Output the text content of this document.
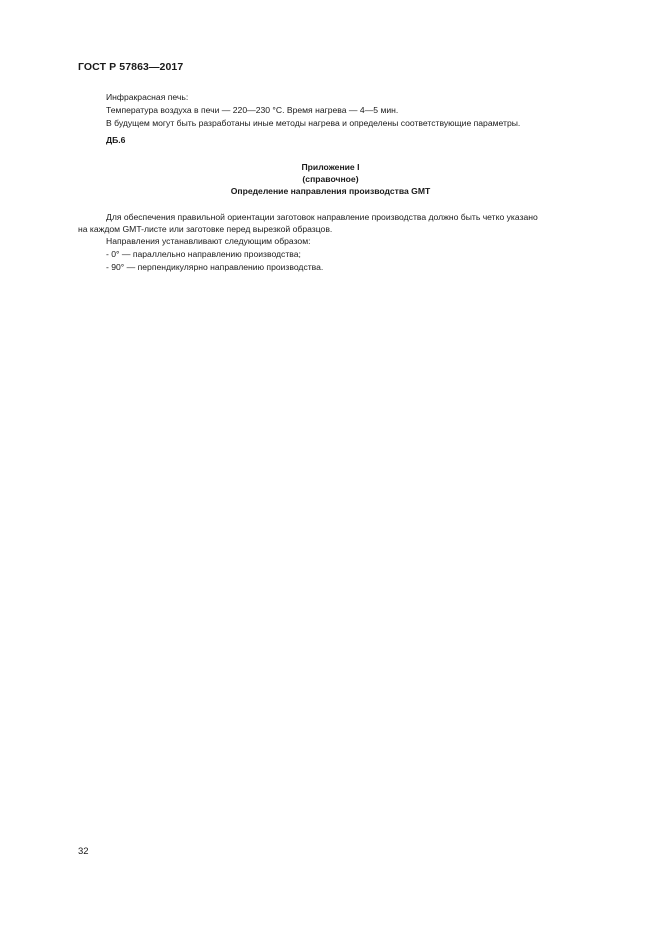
ГОСТ Р 57863—2017
Инфракрасная печь:
Температура воздуха в печи — 220—230 °С. Время нагрева — 4—5 мин.
В будущем могут быть разработаны иные методы нагрева и определены соответствующие параметры.
ДБ.6
Приложение I
(справочное)
Определение направления производства GMT
Для обеспечения правильной ориентации заготовок направление производства должно быть четко указано
на каждом GMT-листе или заготовке перед вырезкой образцов.
Направления устанавливают следующим образом:
- 0° — параллельно направлению производства;
- 90° — перпендикулярно направлению производства.
32
